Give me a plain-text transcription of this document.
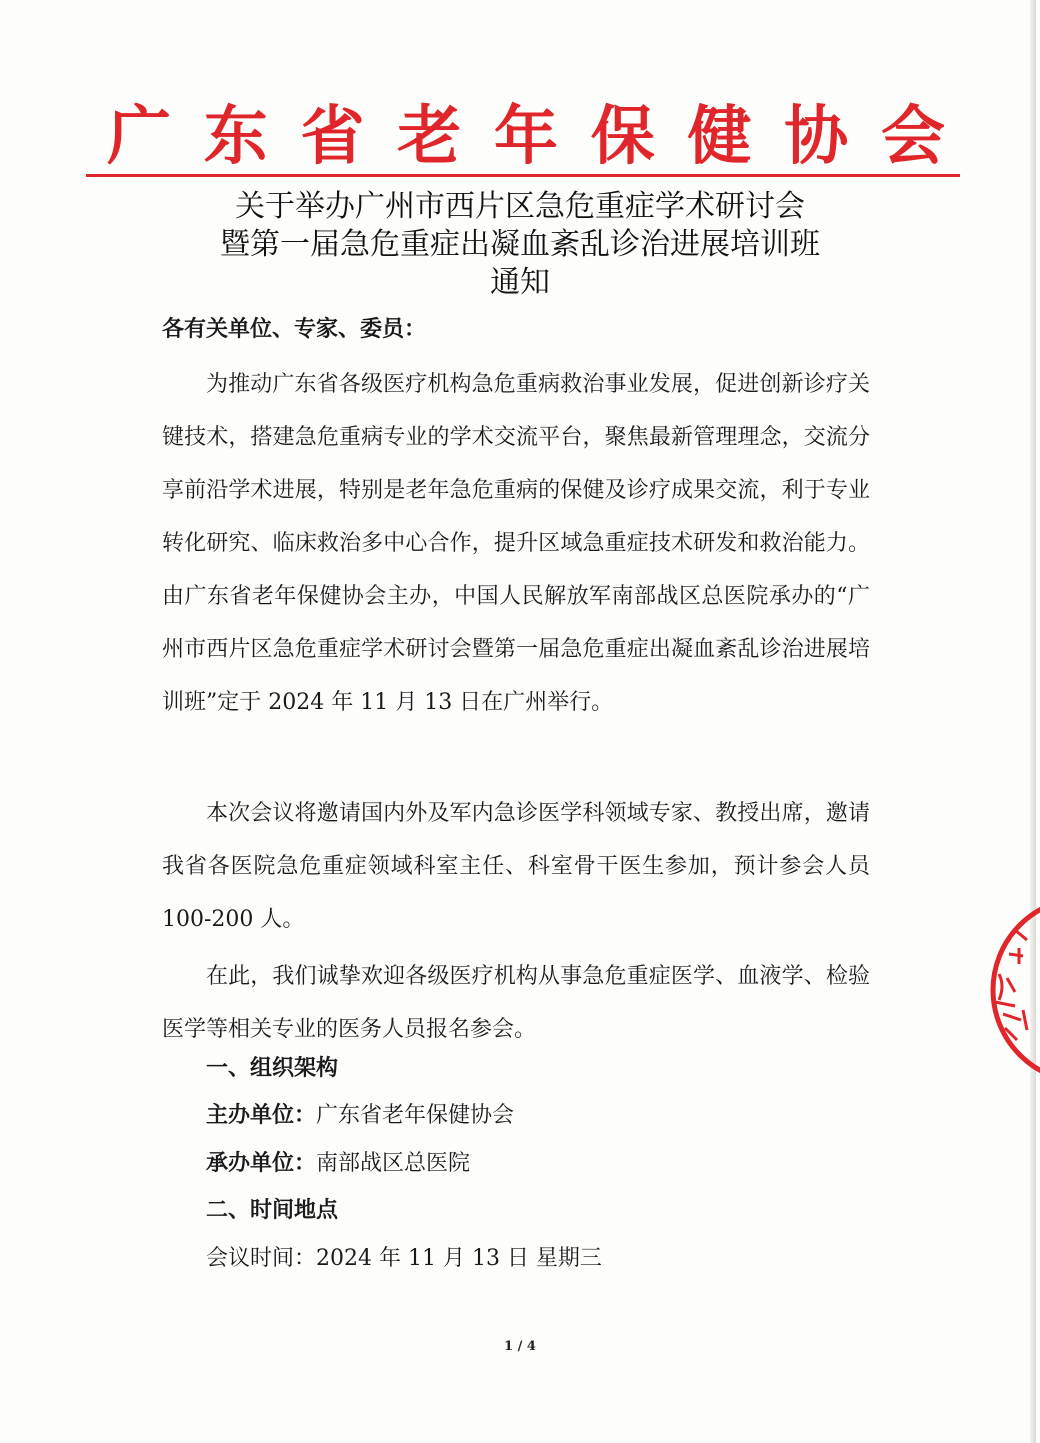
广 东 省 老 年 保 健 协 会
关于举办广州市西片区急危重症学术研讨会
暨第一届急危重症出凝血紊乱诊治进展培训班
通知
各有关单位、专家、委员：
为推动广东省各级医疗机构急危重病救治事业发展，促进创新诊疗关键技术，搭建急危重病专业的学术交流平台，聚焦最新管理理念，交流分享前沿学术进展，特别是老年急危重病的保健及诊疗成果交流，利于专业转化研究、临床救治多中心合作，提升区域急重症技术研发和救治能力。由广东省老年保健协会主办，中国人民解放军南部战区总医院承办的“广州市西片区急危重症学术研讨会暨第一届急危重症出凝血紊乱诊治进展培训班”定于 2024 年 11 月 13 日在广州举行。
本次会议将邀请国内外及军内急诊医学科领域专家、教授出席，邀请我省各医院急危重症领域科室主任、科室骨干医生参加，预计参会人员 100-200 人。
在此，我们诚挚欢迎各级医疗机构从事急危重症医学、血液学、检验医学等相关专业的医务人员报名参会。
一、组织架构
主办单位：广东省老年保健协会
承办单位：南部战区总医院
二、时间地点
会议时间：2024 年 11 月 13 日 星期三
1 / 4
